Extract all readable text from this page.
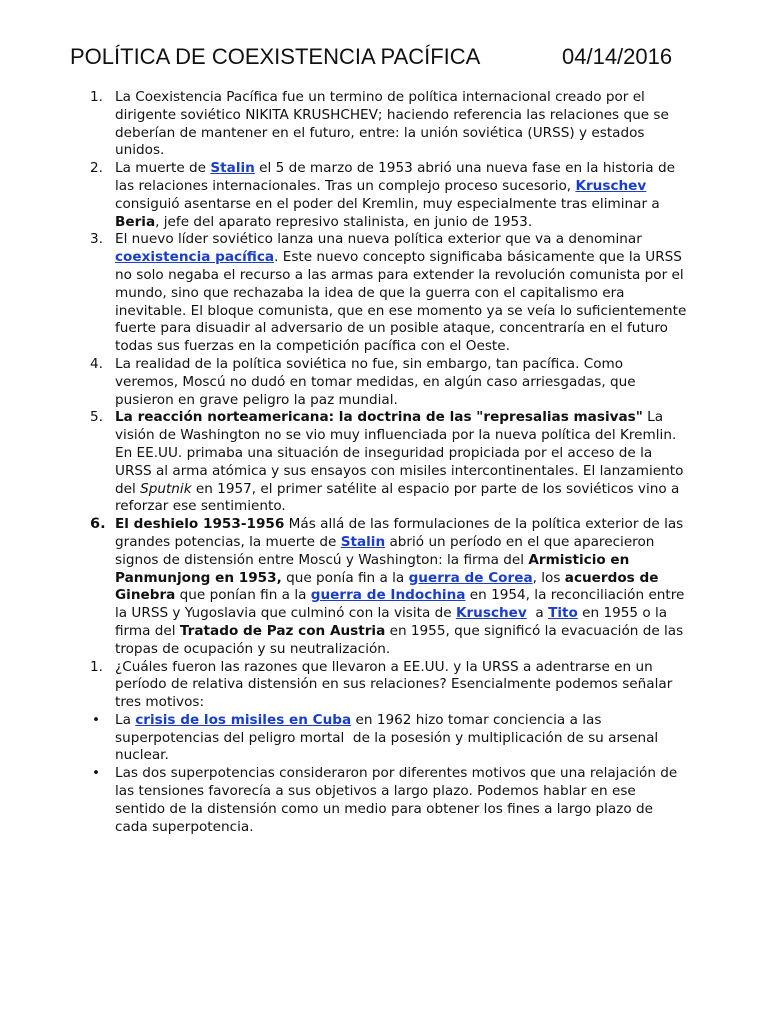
POLÍTICA DE COEXISTENCIA PACÍFICA	04/14/2016
1. La Coexistencia Pacífica fue un termino de política internacional creado por el dirigente soviético NIKITA KRUSHCHEV; haciendo referencia las relaciones que se deberían de mantener en el futuro, entre: la unión soviética (URSS) y estados unidos.
2. La muerte de Stalin el 5 de marzo de 1953 abrió una nueva fase en la historia de las relaciones internacionales. Tras un complejo proceso sucesorio, Kruschev consiguió asentarse en el poder del Kremlin, muy especialmente tras eliminar a Beria, jefe del aparato represivo stalinista, en junio de 1953.
3. El nuevo líder soviético lanza una nueva política exterior que va a denominar coexistencia pacífica. Este nuevo concepto significaba básicamente que la URSS no solo negaba el recurso a las armas para extender la revolución comunista por el mundo, sino que rechazaba la idea de que la guerra con el capitalismo era inevitable. El bloque comunista, que en ese momento ya se veía lo suficientemente fuerte para disuadir al adversario de un posible ataque, concentraría en el futuro todas sus fuerzas en la competición pacífica con el Oeste.
4. La realidad de la política soviética no fue, sin embargo, tan pacífica. Como veremos, Moscú no dudó en tomar medidas, en algún caso arriesgadas, que pusieron en grave peligro la paz mundial.
5. La reacción norteamericana: la doctrina de las "represalias masivas" La visión de Washington no se vio muy influenciada por la nueva política del Kremlin. En EE.UU. primaba una situación de inseguridad propiciada por el acceso de la URSS al arma atómica y sus ensayos con misiles intercontinentales. El lanzamiento del Sputnik en 1957, el primer satélite al espacio por parte de los soviéticos vino a reforzar ese sentimiento.
6. El deshielo 1953-1956 Más allá de las formulaciones de la política exterior de las grandes potencias, la muerte de Stalin abrió un período en el que aparecieron signos de distensión entre Moscú y Washington: la firma del Armisticio en Panmunjong en 1953, que ponía fin a la guerra de Corea, los acuerdos de Ginebra que ponían fin a la guerra de Indochina en 1954, la reconciliación entre la URSS y Yugoslavia que culminó con la visita de Kruschev  a Tito en 1955 o la firma del Tratado de Paz con Austria en 1955, que significó la evacuación de las tropas de ocupación y su neutralización.
1. ¿Cuáles fueron las razones que llevaron a EE.UU. y la URSS a adentrarse en un período de relativa distensión en sus relaciones? Esencialmente podemos señalar tres motivos:
• La crisis de los misiles en Cuba en 1962 hizo tomar conciencia a las superpotencias del peligro mortal  de la posesión y multiplicación de su arsenal nuclear.
• Las dos superpotencias consideraron por diferentes motivos que una relajación de las tensiones favorecía a sus objetivos a largo plazo. Podemos hablar en ese sentido de la distensión como un medio para obtener los fines a largo plazo de cada superpotencia.
